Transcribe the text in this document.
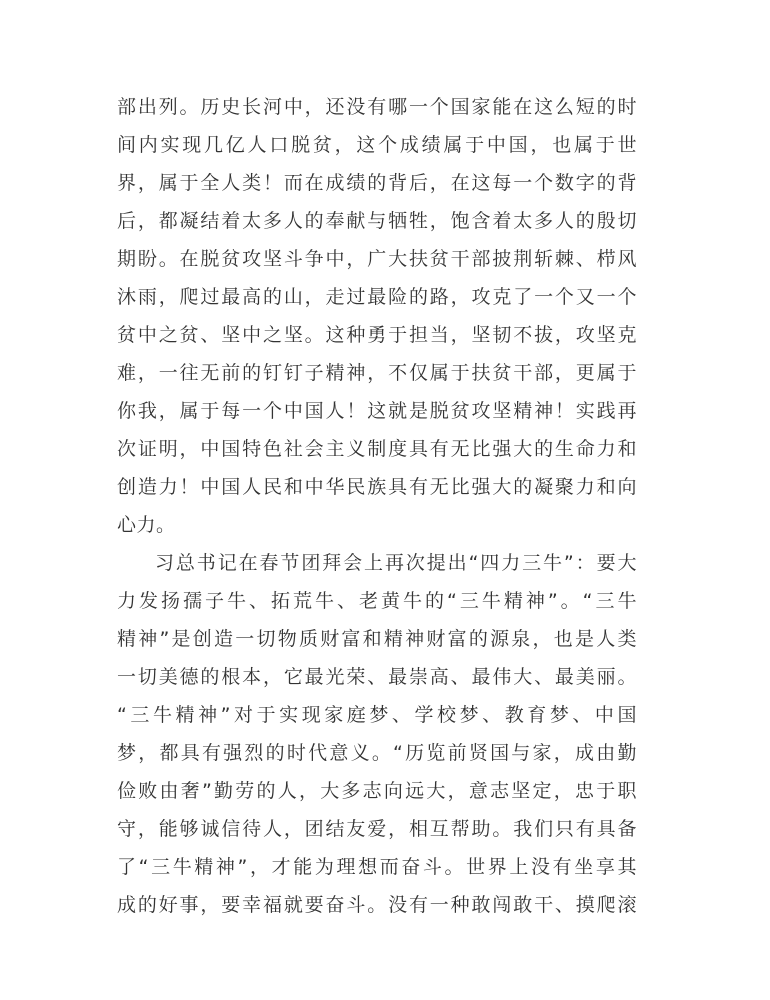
部出列。历史长河中，还没有哪一个国家能在这么短的时
间内实现几亿人口脱贫，这个成绩属于中国，也属于世
界，属于全人类！而在成绩的背后，在这每一个数字的背
后，都凝结着太多人的奉献与牺牲，饱含着太多人的殷切
期盼。在脱贫攻坚斗争中，广大扶贫干部披荆斩棘、栉风
沐雨，爬过最高的山，走过最险的路，攻克了一个又一个
贫中之贫、坚中之坚。这种勇于担当，坚韧不拔，攻坚克
难，一往无前的钉钉子精神，不仅属于扶贫干部，更属于
你我，属于每一个中国人！这就是脱贫攻坚精神！实践再
次证明，中国特色社会主义制度具有无比强大的生命力和
创造力！中国人民和中华民族具有无比强大的凝聚力和向
心力。
习总书记在春节团拜会上再次提出“四力三牛”：要大
力发扬孺子牛、拓荒牛、老黄牛的“三牛精神”。“三牛
精神”是创造一切物质财富和精神财富的源泉，也是人类
一切美德的根本，它最光荣、最崇高、最伟大、最美丽。
“三牛精神”对于实现家庭梦、学校梦、教育梦、中国
梦，都具有强烈的时代意义。“历览前贤国与家，成由勤
俭败由奢”勤劳的人，大多志向远大，意志坚定，忠于职
守，能够诚信待人，团结友爱，相互帮助。我们只有具备
了“三牛精神”，才能为理想而奋斗。世界上没有坐享其
成的好事，要幸福就要奋斗。没有一种敢闯敢干、摸爬滚
